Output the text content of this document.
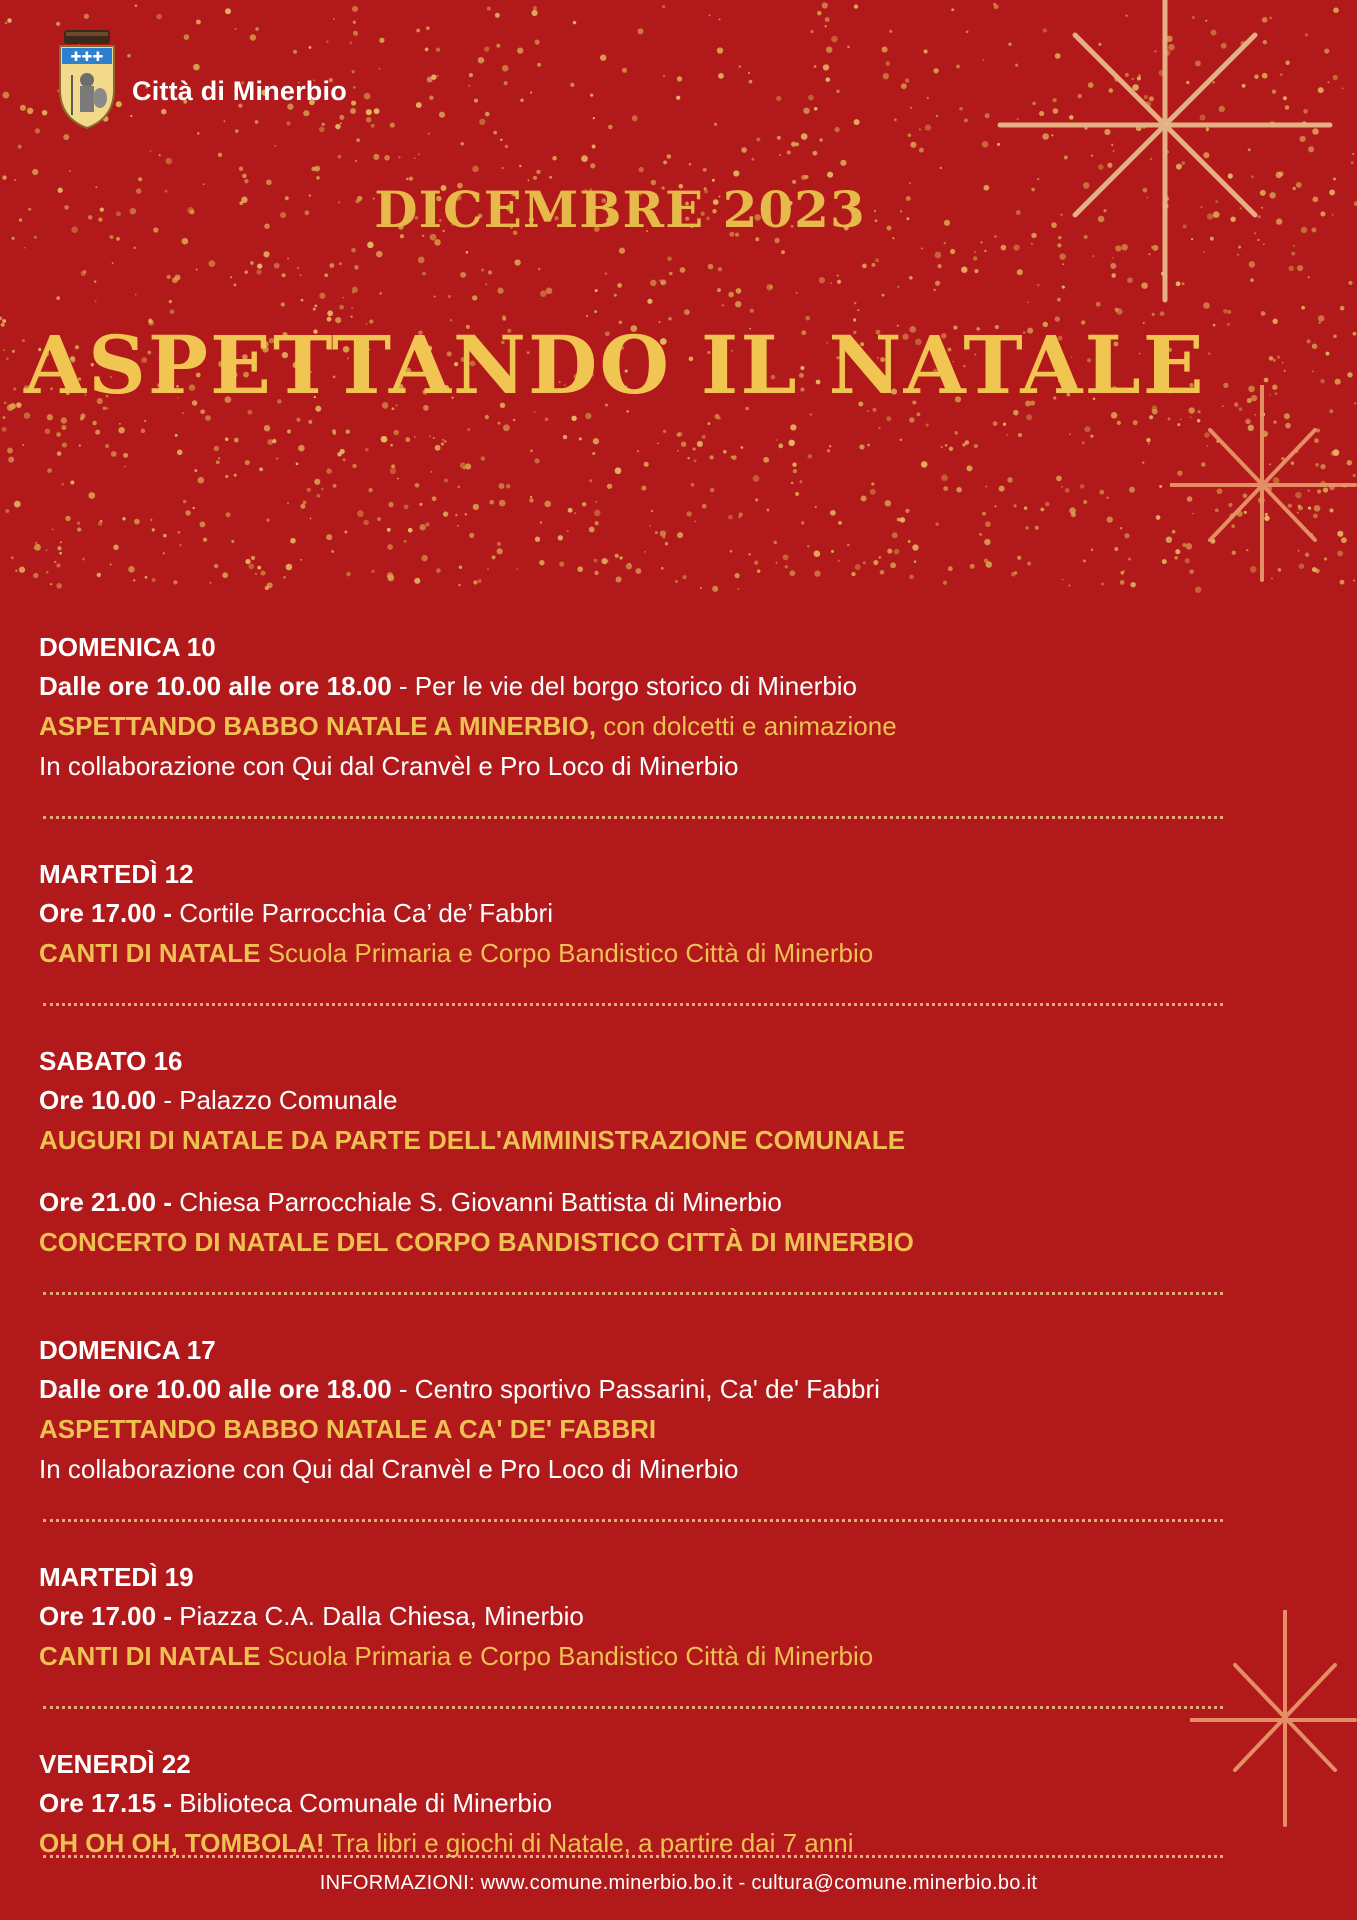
✚✚✚
Città di Minerbio
DICEMBRE 2023
ASPETTANDO IL NATALE
DOMENICA 10
Dalle ore 10.00 alle ore 18.00 - Per le vie del borgo storico di Minerbio
ASPETTANDO BABBO NATALE A MINERBIO, con dolcetti e animazione
In collaborazione con Qui dal Cranvèl e Pro Loco di Minerbio
MARTEDÌ 12
Ore 17.00 - Cortile Parrocchia Ca’ de’ Fabbri
CANTI DI NATALE Scuola Primaria e Corpo Bandistico Città di Minerbio
SABATO 16
Ore 10.00 - Palazzo Comunale
AUGURI DI NATALE DA PARTE DELL'AMMINISTRAZIONE COMUNALE
Ore 21.00 - Chiesa Parrocchiale S. Giovanni Battista di Minerbio
CONCERTO DI NATALE DEL CORPO BANDISTICO CITTÀ DI MINERBIO
DOMENICA 17
Dalle ore 10.00 alle ore 18.00 - Centro sportivo Passarini, Ca' de' Fabbri
ASPETTANDO BABBO NATALE A CA' DE' FABBRI
In collaborazione con Qui dal Cranvèl e Pro Loco di Minerbio
MARTEDÌ 19
Ore 17.00 - Piazza C.A. Dalla Chiesa, Minerbio
CANTI DI NATALE Scuola Primaria e Corpo Bandistico Città di Minerbio
VENERDÌ 22
Ore 17.15 - Biblioteca Comunale di Minerbio
OH OH OH, TOMBOLA! Tra libri e giochi di Natale, a partire dai 7 anni
INFORMAZIONI: www.comune.minerbio.bo.it - cultura@comune.minerbio.bo.it
